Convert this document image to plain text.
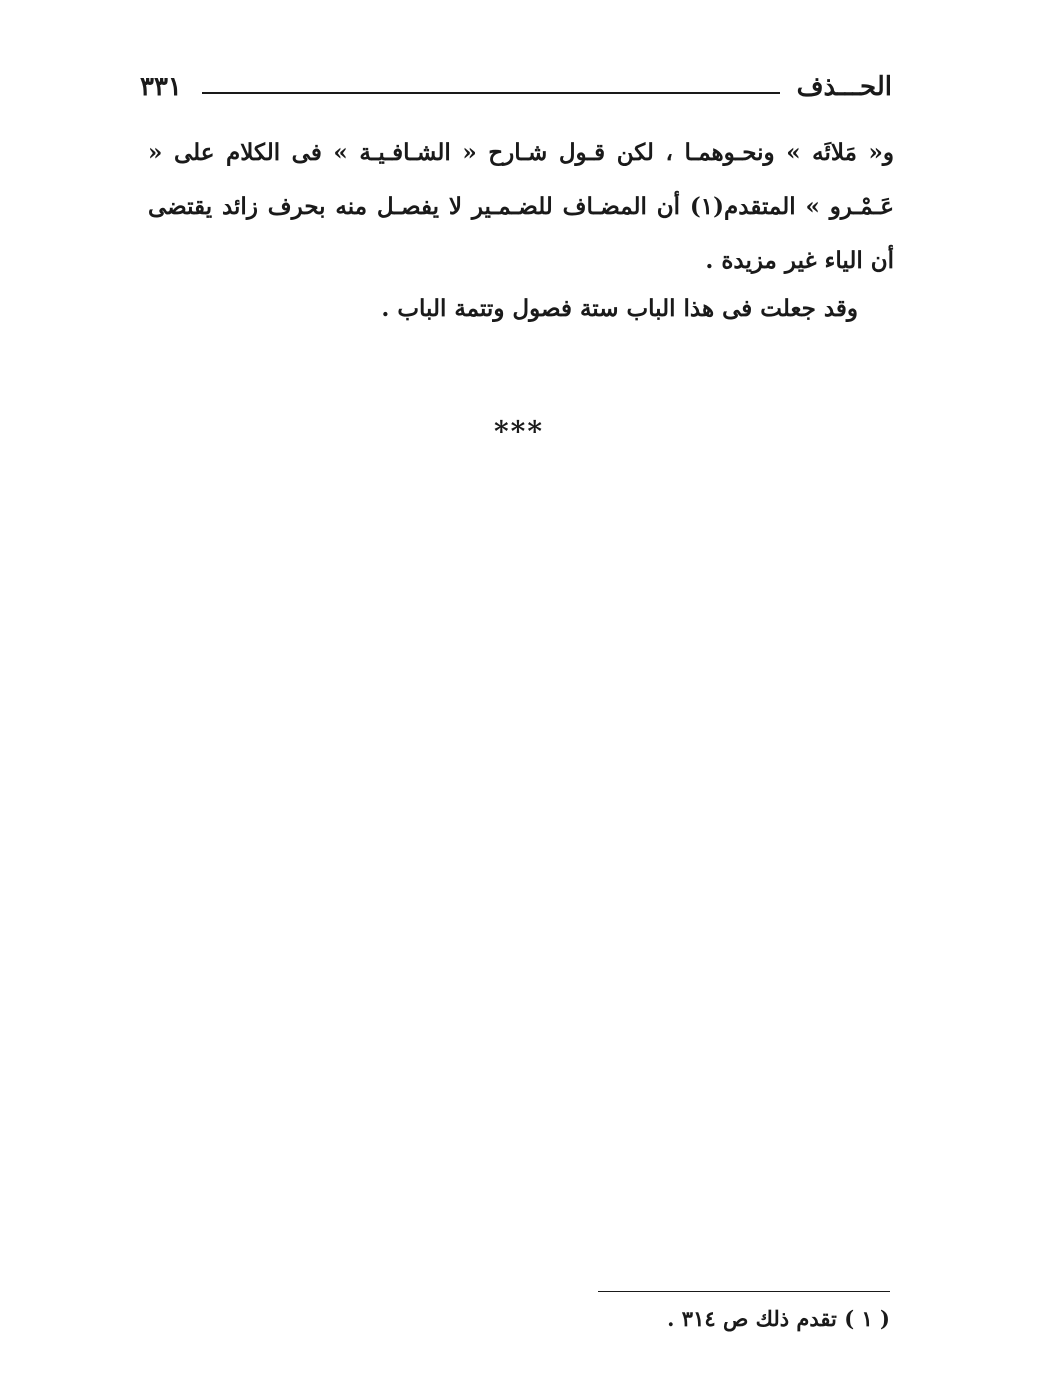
٣٣١	الحـــذف

و« مَلائَه » ونحـوهمـا ، لكن قـول شـارح « الشـافـيـة » فى الكلام على « عَـمْـرو » المتقدم(١) أن المضـاف للضـمـير لا يفصـل منه بحرف زائد يقتضى أن الياء غير مزيدة .

وقد جعلت فى هذا الباب ستة فصول وتتمة الباب .
***
( ١ ) تقدم ذلك ص ٣١٤ .
